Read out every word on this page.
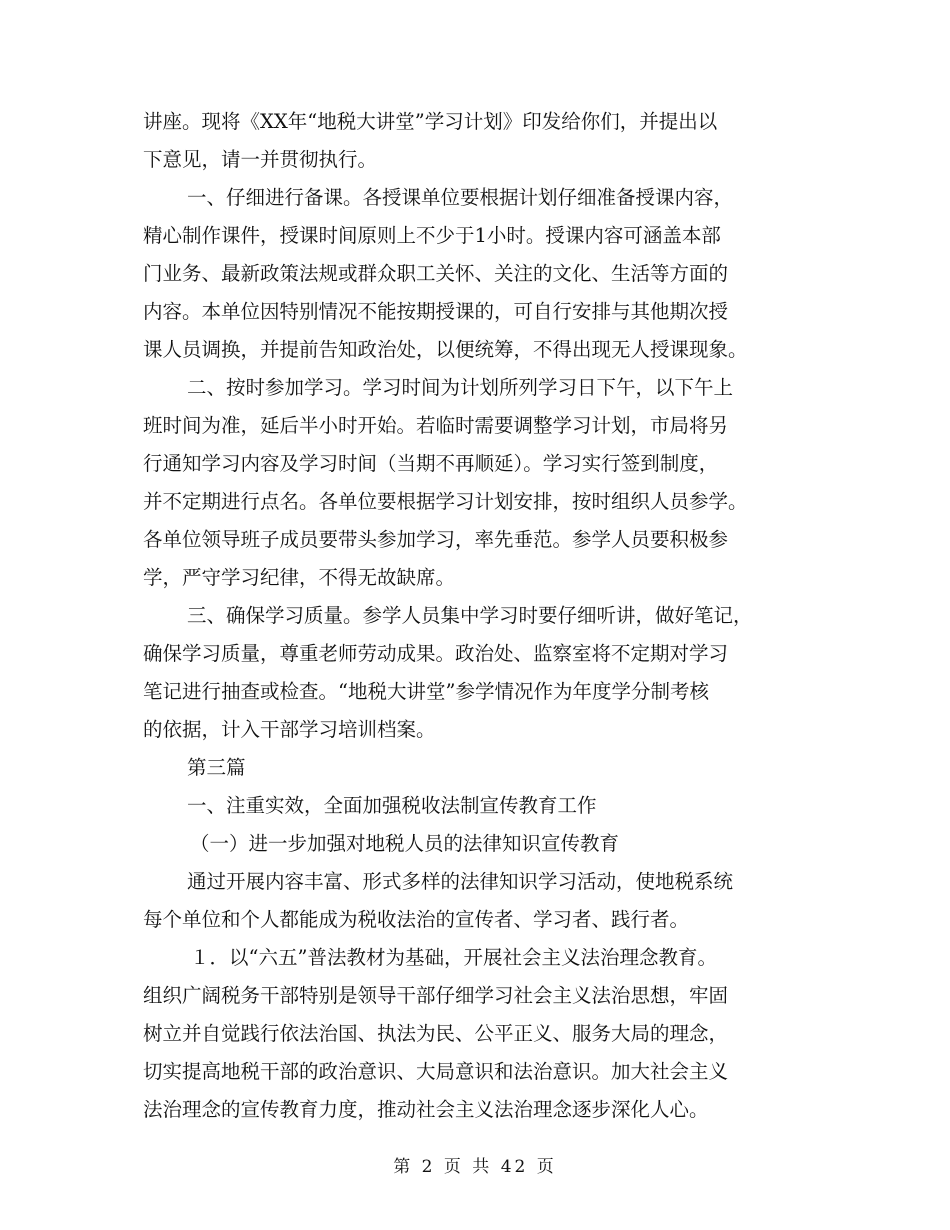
讲座。现将《XX年“地税大讲堂”学习计划》印发给你们，并提出以
下意见，请一并贯彻执行。
一、仔细进行备课。各授课单位要根据计划仔细准备授课内容，
精心制作课件，授课时间原则上不少于1小时。授课内容可涵盖本部
门业务、最新政策法规或群众职工关怀、关注的文化、生活等方面的
内容。本单位因特别情况不能按期授课的，可自行安排与其他期次授
课人员调换，并提前告知政治处，以便统筹，不得出现无人授课现象。
二、按时参加学习。学习时间为计划所列学习日下午，以下午上
班时间为准，延后半小时开始。若临时需要调整学习计划，市局将另
行通知学习内容及学习时间（当期不再顺延）。学习实行签到制度，
并不定期进行点名。各单位要根据学习计划安排，按时组织人员参学。
各单位领导班子成员要带头参加学习，率先垂范。参学人员要积极参
学，严守学习纪律，不得无故缺席。
三、确保学习质量。参学人员集中学习时要仔细听讲，做好笔记，
确保学习质量，尊重老师劳动成果。政治处、监察室将不定期对学习
笔记进行抽查或检查。“地税大讲堂”参学情况作为年度学分制考核
的依据，计入干部学习培训档案。
第三篇
一、注重实效，全面加强税收法制宣传教育工作
（一）进一步加强对地税人员的法律知识宣传教育
通过开展内容丰富、形式多样的法律知识学习活动，使地税系统
每个单位和个人都能成为税收法治的宣传者、学习者、践行者。
１．以“六五”普法教材为基础，开展社会主义法治理念教育。
组织广阔税务干部特别是领导干部仔细学习社会主义法治思想，牢固
树立并自觉践行依法治国、执法为民、公平正义、服务大局的理念，
切实提高地税干部的政治意识、大局意识和法治意识。加大社会主义
法治理念的宣传教育力度，推动社会主义法治理念逐步深化人心。
第 2 页 共 42 页
